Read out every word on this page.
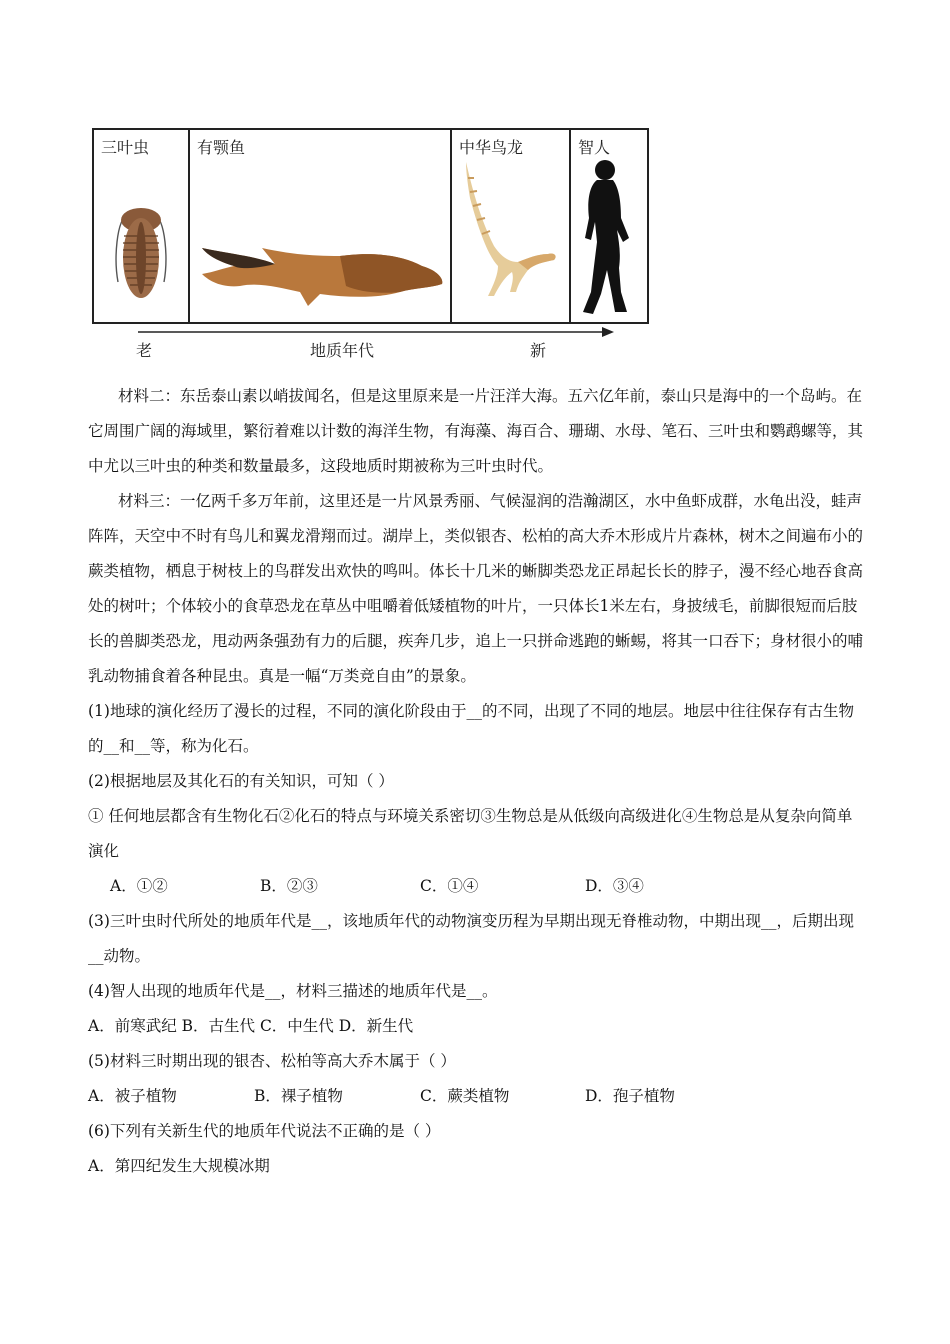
三叶虫	有颚鱼	中华鸟龙	智人
老	地质年代	新

材料二：东岳泰山素以峭拔闻名，但是这里原来是一片汪洋大海。五六亿年前，泰山只是海中的一个岛屿。在它周围广阔的海域里，繁衍着难以计数的海洋生物，有海藻、海百合、珊瑚、水母、笔石、三叶虫和鹦鹉螺等，其中尤以三叶虫的种类和数量最多，这段地质时期被称为三叶虫时代。

材料三：一亿两千多万年前，这里还是一片风景秀丽、气候湿润的浩瀚湖区，水中鱼虾成群，水龟出没，蛙声阵阵，天空中不时有鸟儿和翼龙滑翔而过。湖岸上，类似银杏、松柏的高大乔木形成片片森林，树木之间遍布小的蕨类植物，栖息于树枝上的鸟群发出欢快的鸣叫。体长十几米的蜥脚类恐龙正昂起长长的脖子，漫不经心地吞食高处的树叶；个体较小的食草恐龙在草丛中咀嚼着低矮植物的叶片，一只体长1米左右，身披绒毛，前脚很短而后肢长的兽脚类恐龙，甩动两条强劲有力的后腿，疾奔几步，追上一只拼命逃跑的蜥蜴，将其一口吞下；身材很小的哺乳动物捕食着各种昆虫。真是一幅“万类竞自由”的景象。

(1)地球的演化经历了漫长的过程，不同的演化阶段由于__的不同，出现了不同的地层。地层中往往保存有古生物的__和__等，称为化石。

(2)根据地层及其化石的有关知识，可知（ ）

① 任何地层都含有生物化石②化石的特点与环境关系密切③生物总是从低级向高级进化④生物总是从复杂向简单演化

A．①②	B．②③	C．①④	D．③④

(3)三叶虫时代所处的地质年代是__，该地质年代的动物演变历程为早期出现无脊椎动物，中期出现__，后期出现__动物。

(4)智人出现的地质年代是__，材料三描述的地质年代是__。

A．前寒武纪 B．古生代 C．中生代 D．新生代

(5)材料三时期出现的银杏、松柏等高大乔木属于（ ）

A．被子植物	B．裸子植物	C．蕨类植物	D．孢子植物

(6)下列有关新生代的地质年代说法不正确的是（ ）

A．第四纪发生大规模冰期
